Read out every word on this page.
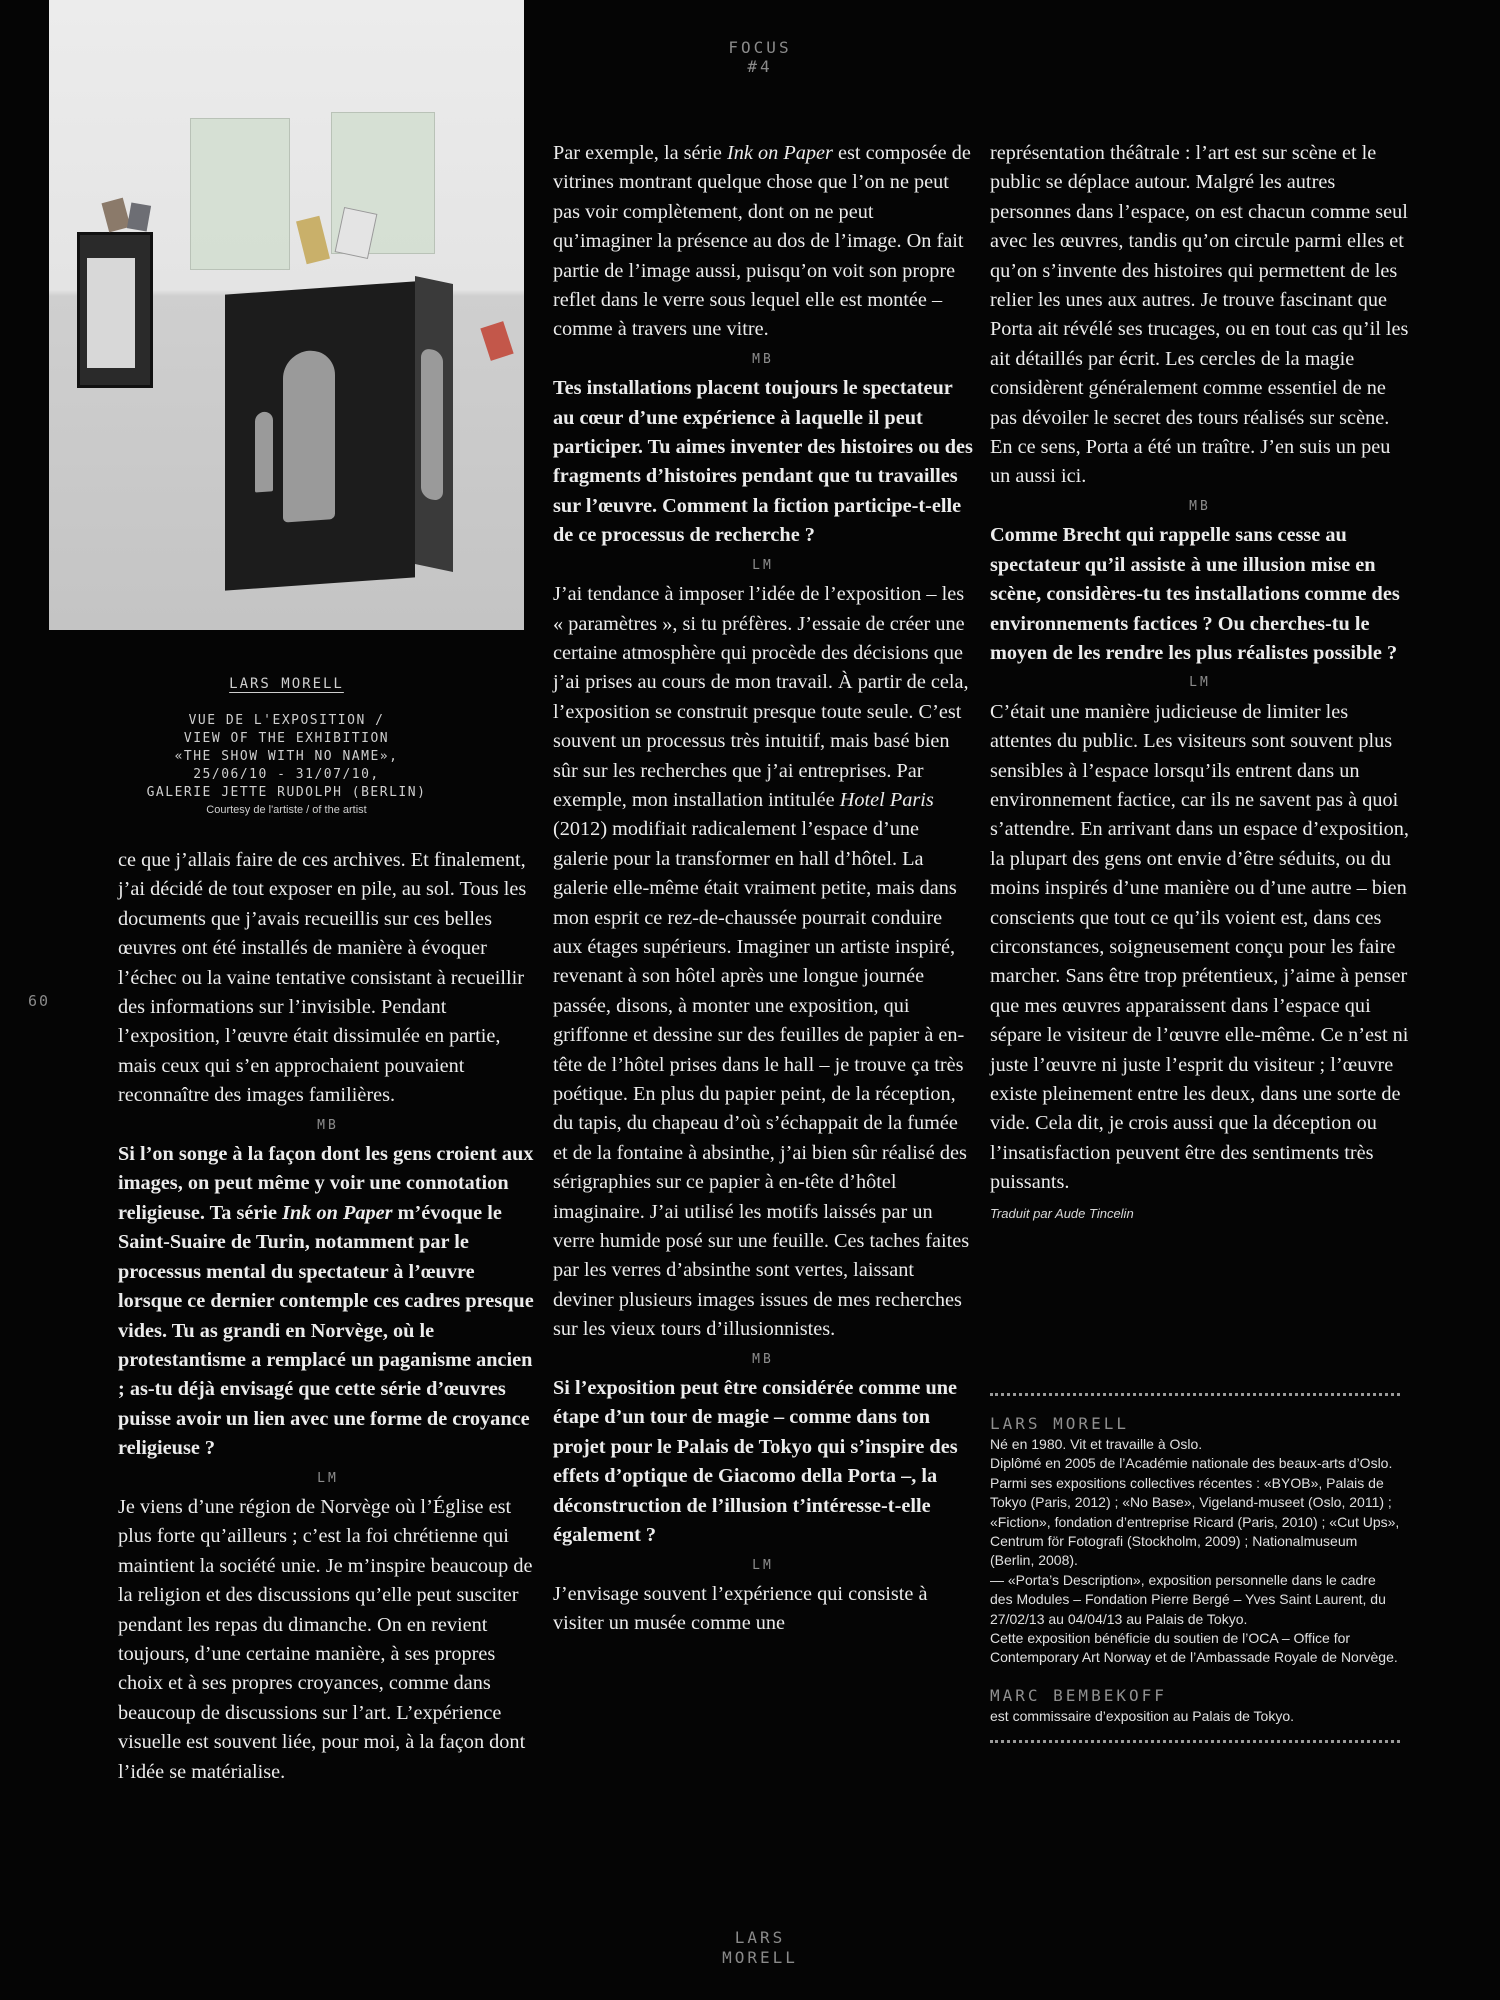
FOCUS
#4
60
LARS MORELL
VUE DE L'EXPOSITION /
VIEW OF THE EXHIBITION
«THE SHOW WITH NO NAME»,
25/06/10 - 31/07/10,
GALERIE JETTE RUDOLPH (BERLIN)
Courtesy de l'artiste / of the artist

ce que j’allais faire de ces archives. Et finalement, j’ai décidé de tout exposer en pile, au sol. Tous les documents que j’avais recueillis sur ces belles œuvres ont été installés de manière à évoquer l’échec ou la vaine tentative consistant à recueillir des informations sur l’invisible. Pendant l’exposition, l’œuvre était dissimulée en partie, mais ceux qui s’en approchaient pouvaient reconnaître des images familières.

MB

Si l’on songe à la façon dont les gens croient aux images, on peut même y voir une connotation religieuse. Ta série Ink on Paper m’évoque le Saint-Suaire de Turin, notamment par le processus mental du spectateur à l’œuvre lorsque ce dernier contemple ces cadres presque vides. Tu as grandi en Norvège, où le protestantisme a remplacé un paganisme ancien ; as-tu déjà envisagé que cette série d’œuvres puisse avoir un lien avec une forme de croyance religieuse ?

LM

Je viens d’une région de Norvège où l’Église est plus forte qu’ailleurs ; c’est la foi chrétienne qui maintient la société unie. Je m’inspire beaucoup de la religion et des discussions qu’elle peut susciter pendant les repas du dimanche. On en revient toujours, d’une certaine manière, à ses propres choix et à ses propres croyances, comme dans beaucoup de discussions sur l’art. L’expérience visuelle est souvent liée, pour moi, à la façon dont l’idée se matérialise.

Par exemple, la série Ink on Paper est composée de vitrines montrant quelque chose que l’on ne peut pas voir complètement, dont on ne peut qu’imaginer la présence au dos de l’image. On fait partie de l’image aussi, puisqu’on voit son propre reflet dans le verre sous lequel elle est montée – comme à travers une vitre.

MB

Tes installations placent toujours le spectateur au cœur d’une expérience à laquelle il peut participer. Tu aimes inventer des histoires ou des fragments d’histoires pendant que tu travailles sur l’œuvre. Comment la fiction participe-t-elle de ce processus de recherche ?

LM

J’ai tendance à imposer l’idée de l’exposition – les « paramètres », si tu préfères. J’essaie de créer une certaine atmosphère qui procède des décisions que j’ai prises au cours de mon travail. À partir de cela, l’exposition se construit presque toute seule. C’est souvent un processus très intuitif, mais basé bien sûr sur les recherches que j’ai entreprises. Par exemple, mon installation intitulée Hotel Paris (2012) modifiait radicalement l’espace d’une galerie pour la transformer en hall d’hôtel. La galerie elle-même était vraiment petite, mais dans mon esprit ce rez-de-chaussée pourrait conduire aux étages supérieurs. Imaginer un artiste inspiré, revenant à son hôtel après une longue journée passée, disons, à monter une exposition, qui griffonne et dessine sur des feuilles de papier à en-tête de l’hôtel prises dans le hall – je trouve ça très poétique. En plus du papier peint, de la réception, du tapis, du chapeau d’où s’échappait de la fumée et de la fontaine à absinthe, j’ai bien sûr réalisé des sérigraphies sur ce papier à en-tête d’hôtel imaginaire. J’ai utilisé les motifs laissés par un verre humide posé sur une feuille. Ces taches faites par les verres d’absinthe sont vertes, laissant deviner plusieurs images issues de mes recherches sur les vieux tours d’illusionnistes.

MB

Si l’exposition peut être considérée comme une étape d’un tour de magie – comme dans ton projet pour le Palais de Tokyo qui s’inspire des effets d’optique de Giacomo della Porta –, la déconstruction de l’illusion t’intéresse-t-elle également ?

LM

J’envisage souvent l’expérience qui consiste à visiter un musée comme une

représentation théâtrale : l’art est sur scène et le public se déplace autour. Malgré les autres personnes dans l’espace, on est chacun comme seul avec les œuvres, tandis qu’on circule parmi elles et qu’on s’invente des histoires qui permettent de les relier les unes aux autres. Je trouve fascinant que Porta ait révélé ses trucages, ou en tout cas qu’il les ait détaillés par écrit. Les cercles de la magie considèrent généralement comme essentiel de ne pas dévoiler le secret des tours réalisés sur scène. En ce sens, Porta a été un traître. J’en suis un peu un aussi ici.

MB

Comme Brecht qui rappelle sans cesse au spectateur qu’il assiste à une illusion mise en scène, considères-tu tes installations comme des environnements factices ? Ou cherches-tu le moyen de les rendre les plus réalistes possible ?

LM

C’était une manière judicieuse de limiter les attentes du public. Les visiteurs sont souvent plus sensibles à l’espace lorsqu’ils entrent dans un environnement factice, car ils ne savent pas à quoi s’attendre. En arrivant dans un espace d’exposition, la plupart des gens ont envie d’être séduits, ou du moins inspirés d’une manière ou d’une autre – bien conscients que tout ce qu’ils voient est, dans ces circonstances, soigneusement conçu pour les faire marcher. Sans être trop prétentieux, j’aime à penser que mes œuvres apparaissent dans l’espace qui sépare le visiteur de l’œuvre elle-même. Ce n’est ni juste l’œuvre ni juste l’esprit du visiteur ; l’œuvre existe pleinement entre les deux, dans une sorte de vide. Cela dit, je crois aussi que la déception ou l’insatisfaction peuvent être des sentiments très puissants.

Traduit par Aude Tincelin
LARS MORELL
Né en 1980. Vit et travaille à Oslo.
Diplômé en 2005 de l’Académie nationale des beaux-arts d’Oslo. Parmi ses expositions collectives récentes : «BYOB», Palais de Tokyo (Paris, 2012) ; «No Base», Vigeland-museet (Oslo, 2011) ; «Fiction», fondation d’entreprise Ricard (Paris, 2010) ; «Cut Ups», Centrum för Fotografi (Stockholm, 2009) ; Nationalmuseum (Berlin, 2008).
— «Porta’s Description», exposition personnelle dans le cadre des Modules – Fondation Pierre Bergé – Yves Saint Laurent, du 27/02/13 au 04/04/13 au Palais de Tokyo.
Cette exposition bénéficie du soutien de l’OCA – Office for Contemporary Art Norway et de l’Ambassade Royale de Norvège.
MARC BEMBEKOFF
est commissaire d’exposition au Palais de Tokyo.
LARS
MORELL
